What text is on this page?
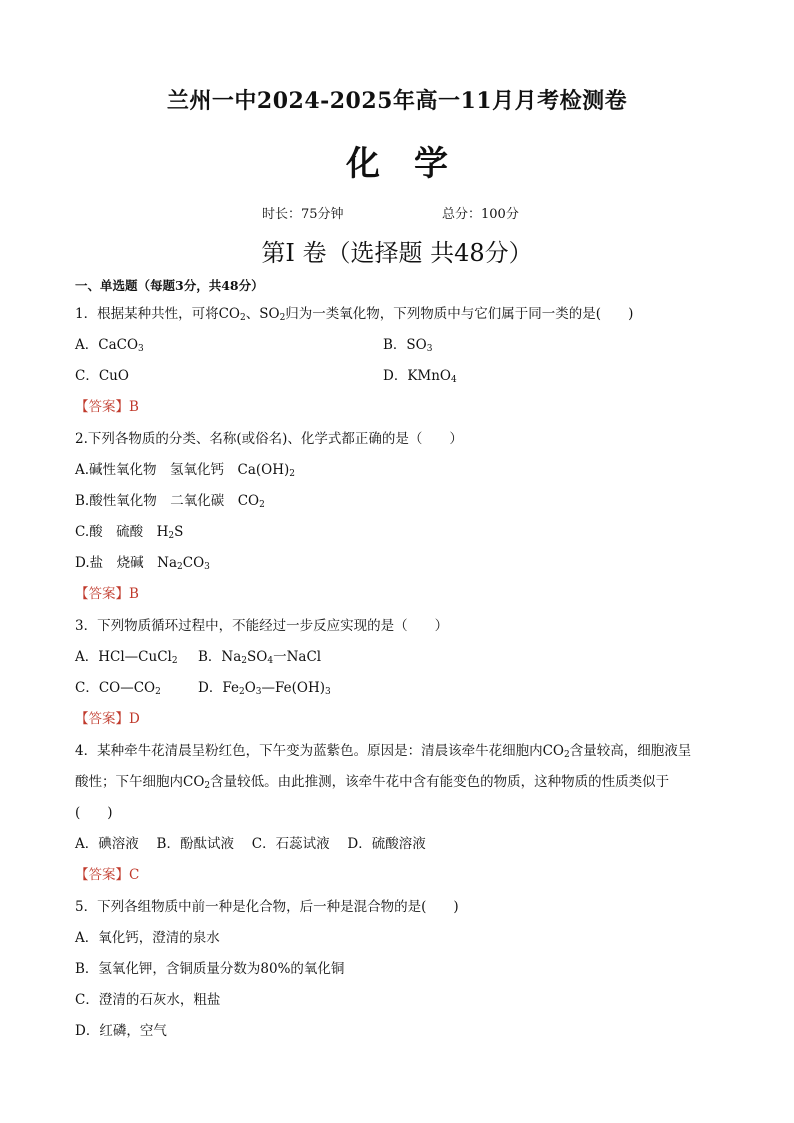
兰州一中2024-2025年高一11月月考检测卷
化学
时长：75分钟	总分：100分
第I 卷（选择题 共48分）
一、单选题（每题3分，共48分）
1．根据某种共性，可将$CO_2$、$SO_2$归为一类氧化物，下列物质中与它们属于同一类的是(　　)
A．CaCO$_3$	B．$SO_3$
C．CuO	D．KMnO$_4$
【答案】B
2.下列各物质的分类、名称(或俗名)、化学式都正确的是（　　）
A.碱性氧化物　氢氧化钙　$Ca(OH)_2$
B.酸性氧化物　二氧化碳　$CO_2$
C.酸　硫酸　$H_2S$
D.盐　烧碱　$Na_2CO_3$
【答案】B
3．下列物质循环过程中，不能经过一步反应实现的是（　　）
A．HCl—CuCl$_2$ B．$Na_2SO_4$一NaCl
C．$CO—CO_2$	D．$Fe_2O_3—Fe(OH)_3$
【答案】D
4．某种牵牛花清晨呈粉红色，下午变为蓝紫色。原因是：清晨该牵牛花细胞内$CO_2$含量较高，细胞液呈
酸性；下午细胞内$CO_2$含量较低。由此推测，该牵牛花中含有能变色的物质，这种物质的性质类似于
(　　)
A．碘溶液　 B．酚酞试液　 C．石蕊试液　 D．硫酸溶液
【答案】C
5．下列各组物质中前一种是化合物，后一种是混合物的是(　　)
A．氧化钙，澄清的泉水
B．氢氧化钾，含铜质量分数为80%的氧化铜
C．澄清的石灰水，粗盐
D．红磷，空气
